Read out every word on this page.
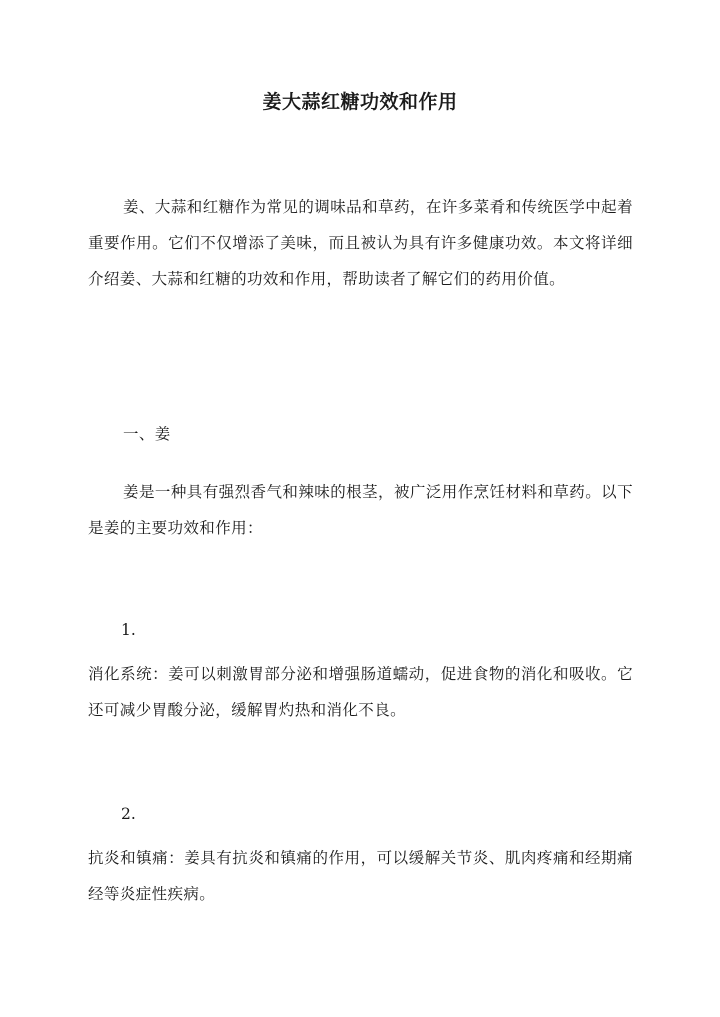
姜大蒜红糖功效和作用

姜、大蒜和红糖作为常见的调味品和草药，在许多菜肴和传统医学中起着重要作用。它们不仅增添了美味，而且被认为具有许多健康功效。本文将详细介绍姜、大蒜和红糖的功效和作用，帮助读者了解它们的药用价值。

一、姜

姜是一种具有强烈香气和辣味的根茎，被广泛用作烹饪材料和草药。以下是姜的主要功效和作用：

1.

消化系统：姜可以刺激胃部分泌和增强肠道蠕动，促进食物的消化和吸收。它还可减少胃酸分泌，缓解胃灼热和消化不良。

2.

抗炎和镇痛：姜具有抗炎和镇痛的作用，可以缓解关节炎、肌肉疼痛和经期痛经等炎症性疾病。
